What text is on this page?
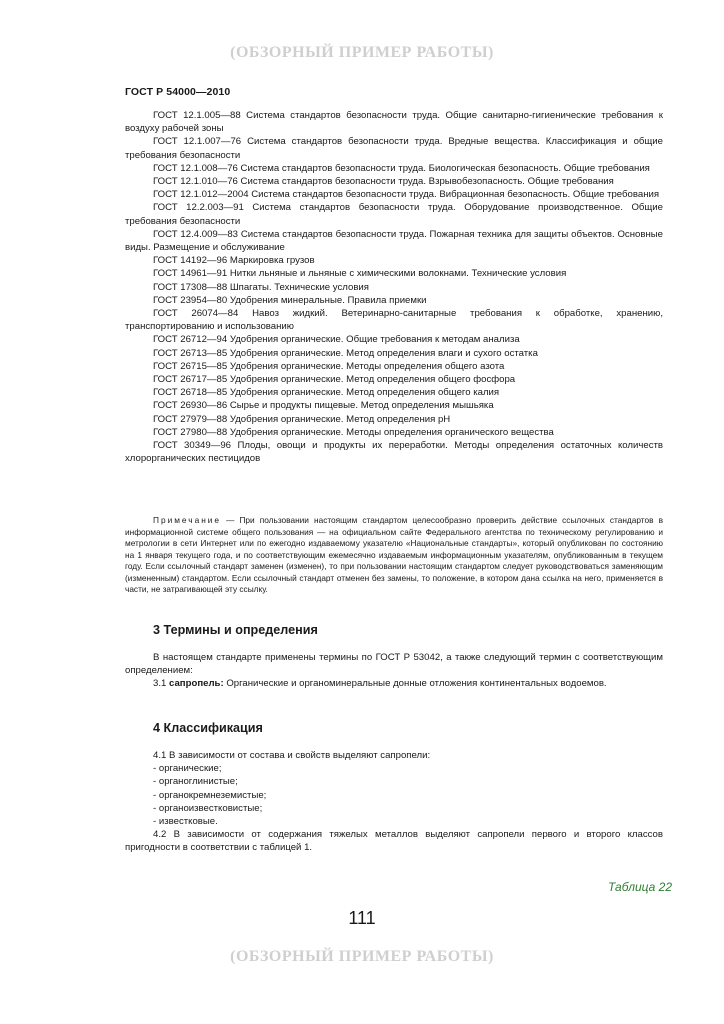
(ОБЗОРНЫЙ ПРИМЕР РАБОТЫ)
ГОСТ Р 54000—2010

ГОСТ 12.1.005—88 Система стандартов безопасности труда. Общие санитарно-гигиенические требования к воздуху рабочей зоны

ГОСТ 12.1.007—76 Система стандартов безопасности труда. Вредные вещества. Классификация и общие требования безопасности

ГОСТ 12.1.008—76 Система стандартов безопасности труда. Биологическая безопасность. Общие требования

ГОСТ 12.1.010—76 Система стандартов безопасности труда. Взрывобезопасность. Общие требования

ГОСТ 12.1.012—2004 Система стандартов безопасности труда. Вибрационная безопасность. Общие требования

ГОСТ 12.2.003—91 Система стандартов безопасности труда. Оборудование производственное. Общие требования безопасности

ГОСТ 12.4.009—83 Система стандартов безопасности труда. Пожарная техника для защиты объектов. Основные виды. Размещение и обслуживание

ГОСТ 14192—96 Маркировка грузов

ГОСТ 14961—91 Нитки льняные и льняные с химическими волокнами. Технические условия

ГОСТ 17308—88 Шпагаты. Технические условия

ГОСТ 23954—80 Удобрения минеральные. Правила приемки

ГОСТ 26074—84 Навоз жидкий. Ветеринарно-санитарные требования к обработке, хранению, транспортированию и использованию

ГОСТ 26712—94 Удобрения органические. Общие требования к методам анализа

ГОСТ 26713—85 Удобрения органические. Метод определения влаги и сухого остатка

ГОСТ 26715—85 Удобрения органические. Методы определения общего азота

ГОСТ 26717—85 Удобрения органические. Метод определения общего фосфора

ГОСТ 26718—85 Удобрения органические. Метод определения общего калия

ГОСТ 26930—86 Сырье и продукты пищевые. Метод определения мышьяка

ГОСТ 27979—88 Удобрения органические. Метод определения pH

ГОСТ 27980—88 Удобрения органические. Методы определения органического вещества

ГОСТ 30349—96 Плоды, овощи и продукты их переработки. Методы определения остаточных количеств хлорорганических пестицидов

Примечание — При пользовании настоящим стандартом целесообразно проверить действие ссылочных стандартов в информационной системе общего пользования — на официальном сайте Федерального агентства по техническому регулированию и метрологии в сети Интернет или по ежегодно издаваемому указателю «Национальные стандарты», который опубликован по состоянию на 1 января текущего года, и по соответствующим ежемесячно издаваемым информационным указателям, опубликованным в текущем году. Если ссылочный стандарт заменен (изменен), то при пользовании настоящим стандартом следует руководствоваться заменяющим (измененным) стандартом. Если ссылочный стандарт отменен без замены, то положение, в котором дана ссылка на него, применяется в части, не затрагивающей эту ссылку.

3 Термины и определения

В настоящем стандарте применены термины по ГОСТ Р 53042, а также следующий термин с соответствующим определением:

3.1 сапропель: Органические и органоминеральные донные отложения континентальных водоемов.

4 Классификация

4.1 В зависимости от состава и свойств выделяют сапропели:

- органические;

- органоглинистые;

- органокремнеземистые;

- органоизвестковистые;

- известковые.

4.2 В зависимости от содержания тяжелых металлов выделяют сапропели первого и второго классов пригодности в соответствии с таблицей 1.

Таблица 22
111
(ОБЗОРНЫЙ ПРИМЕР РАБОТЫ)
